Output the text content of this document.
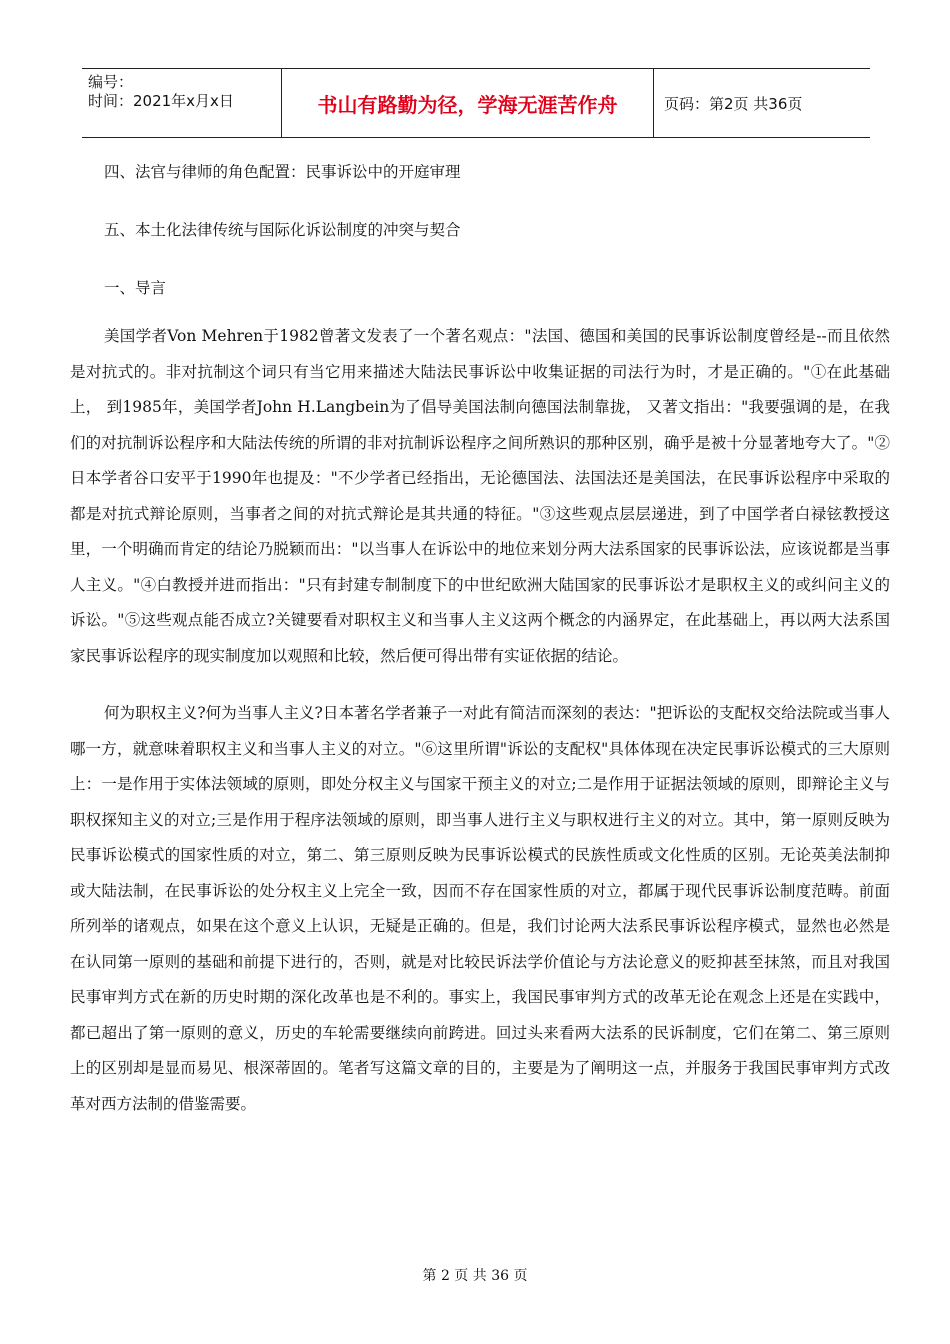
编号：
时间：2021年x月x日	书山有路勤为径，学海无涯苦作舟	页码：第2页 共36页

四、法官与律师的角色配置：民事诉讼中的开庭审理

五、本土化法律传统与国际化诉讼制度的冲突与契合

一、导言

美国学者Von Mehren于1982曾著文发表了一个著名观点："法国、德国和美国的民事诉讼制度曾经是--而且依然是对抗式的。非对抗制这个词只有当它用来描述大陆法民事诉讼中收集证据的司法行为时，才是正确的。"①在此基础上， 到1985年，美国学者John H.Langbein为了倡导美国法制向德国法制靠拢， 又著文指出："我要强调的是，在我们的对抗制诉讼程序和大陆法传统的所谓的非对抗制诉讼程序之间所熟识的那种区别，确乎是被十分显著地夸大了。"②日本学者谷口安平于1990年也提及："不少学者已经指出，无论德国法、法国法还是美国法，在民事诉讼程序中采取的都是对抗式辩论原则，当事者之间的对抗式辩论是其共通的特征。"③这些观点层层递进，到了中国学者白禄铉教授这里，一个明确而肯定的结论乃脱颖而出："以当事人在诉讼中的地位来划分两大法系国家的民事诉讼法，应该说都是当事人主义。"④白教授并进而指出："只有封建专制制度下的中世纪欧洲大陆国家的民事诉讼才是职权主义的或纠问主义的诉讼。"⑤这些观点能否成立?关键要看对职权主义和当事人主义这两个概念的内涵界定，在此基础上，再以两大法系国家民事诉讼程序的现实制度加以观照和比较，然后便可得出带有实证依据的结论。

何为职权主义?何为当事人主义?日本著名学者兼子一对此有简洁而深刻的表达："把诉讼的支配权交给法院或当事人哪一方，就意味着职权主义和当事人主义的对立。"⑥这里所谓"诉讼的支配权"具体体现在决定民事诉讼模式的三大原则上：一是作用于实体法领域的原则，即处分权主义与国家干预主义的对立;二是作用于证据法领域的原则，即辩论主义与职权探知主义的对立;三是作用于程序法领域的原则，即当事人进行主义与职权进行主义的对立。其中，第一原则反映为民事诉讼模式的国家性质的对立，第二、第三原则反映为民事诉讼模式的民族性质或文化性质的区别。无论英美法制抑或大陆法制，在民事诉讼的处分权主义上完全一致，因而不存在国家性质的对立，都属于现代民事诉讼制度范畴。前面所列举的诸观点，如果在这个意义上认识，无疑是正确的。但是，我们讨论两大法系民事诉讼程序模式，显然也必然是在认同第一原则的基础和前提下进行的，否则，就是对比较民诉法学价值论与方法论意义的贬抑甚至抹煞，而且对我国民事审判方式在新的历史时期的深化改革也是不利的。事实上，我国民事审判方式的改革无论在观念上还是在实践中，都已超出了第一原则的意义，历史的车轮需要继续向前跨进。回过头来看两大法系的民诉制度，它们在第二、第三原则上的区别却是显而易见、根深蒂固的。笔者写这篇文章的目的，主要是为了阐明这一点，并服务于我国民事审判方式改革对西方法制的借鉴需要。

第 2 页 共 36 页
